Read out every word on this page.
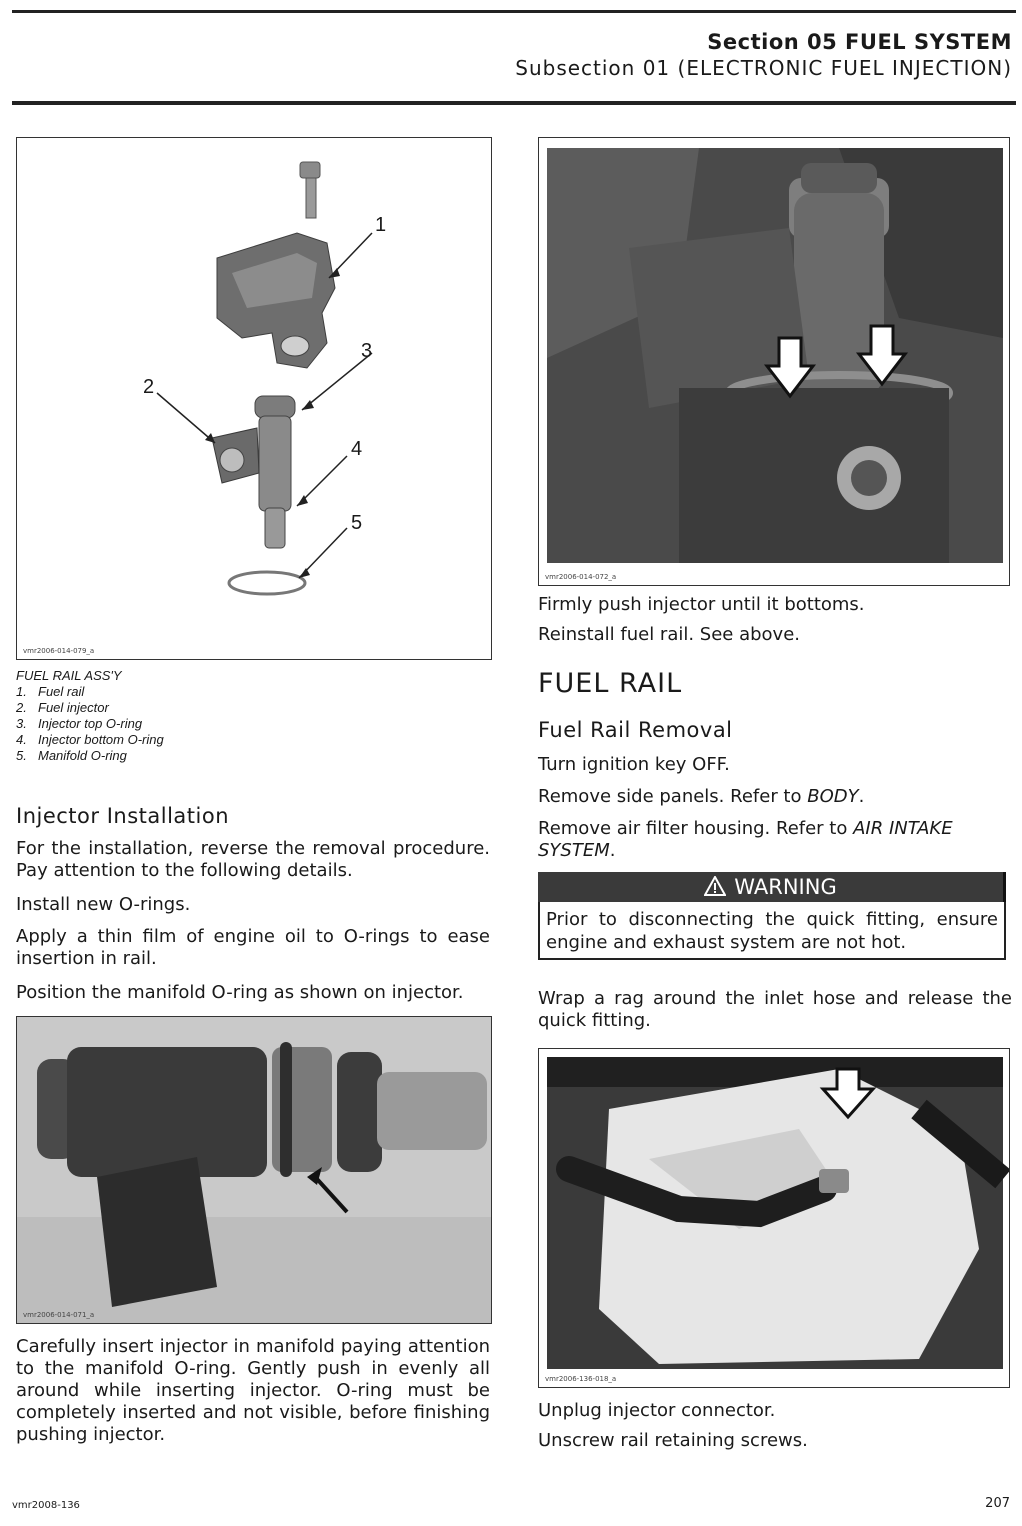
Section 05 FUEL SYSTEM

Subsection 01 (ELECTRONIC FUEL INJECTION)

1
3
2
4
5
vmr2006-014-079_a
FUEL RAIL ASS'Y
1. Fuel rail
2. Fuel injector
3. Injector top O-ring
4. Injector bottom O-ring
5. Manifold O-ring
Injector Installation

For the installation, reverse the removal procedure. Pay attention to the following details.

Install new O-rings.

Apply a thin film of engine oil to O-rings to ease insertion in rail.

Position the manifold O-ring as shown on injector.

vmr2006-014-071_a

Carefully insert injector in manifold paying attention to the manifold O-ring. Gently push in evenly all around while inserting injector. O-ring must be completely inserted and not visible, before finishing pushing injector.

vmr2006-014-072_a

Firmly push injector until it bottoms.

Reinstall fuel rail. See above.

FUEL RAIL
Fuel Rail Removal

Turn ignition key OFF.

Remove side panels. Refer to BODY.

Remove air filter housing. Refer to AIR INTAKE SYSTEM.

WARNING
Prior to disconnecting the quick fitting, ensure engine and exhaust system are not hot.

Wrap a rag around the inlet hose and release the quick fitting.

vmr2006-136-018_a

Unplug injector connector.

Unscrew rail retaining screws.

vmr2008-136	207
